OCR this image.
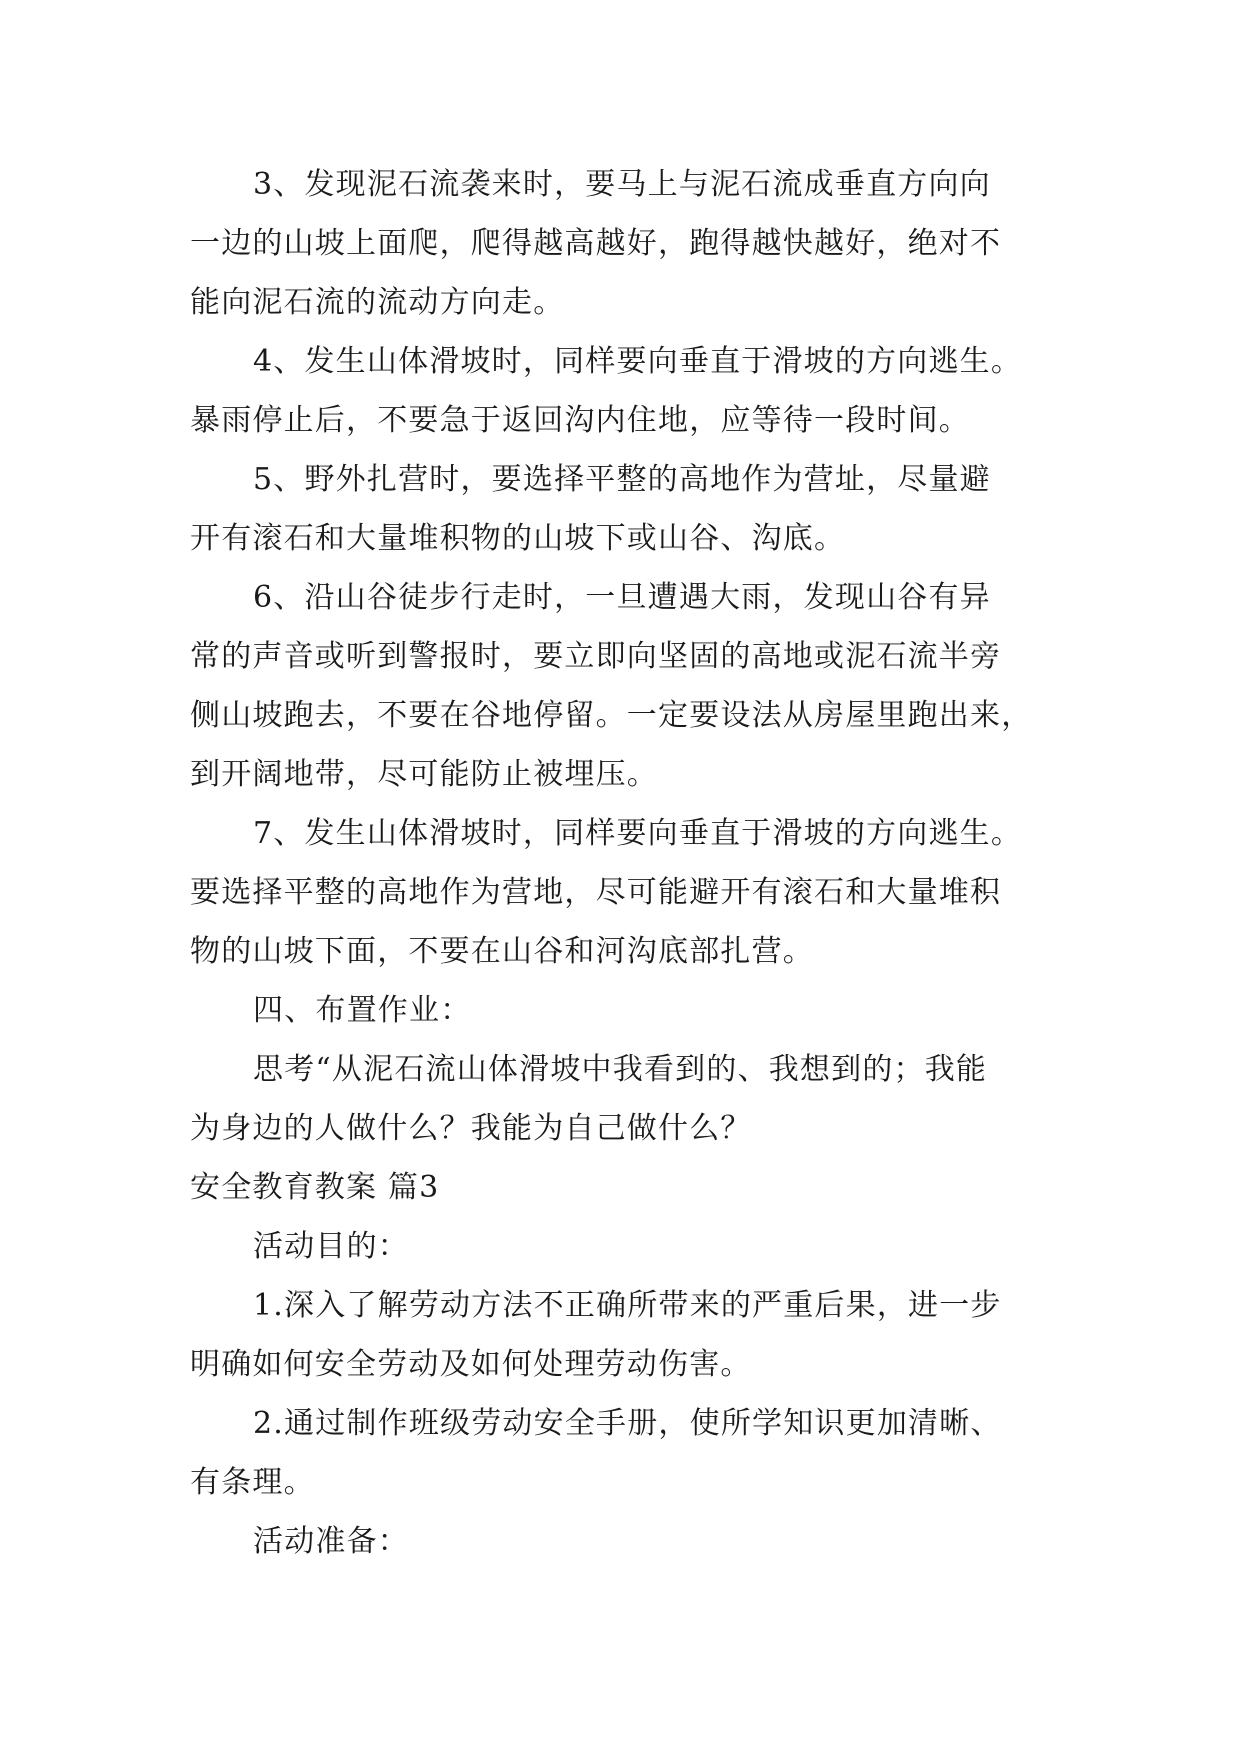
3、发现泥石流袭来时，要马上与泥石流成垂直方向向
一边的山坡上面爬，爬得越高越好，跑得越快越好，绝对不
能向泥石流的流动方向走。
4、发生山体滑坡时，同样要向垂直于滑坡的方向逃生。
暴雨停止后，不要急于返回沟内住地，应等待一段时间。
5、野外扎营时，要选择平整的高地作为营址，尽量避
开有滚石和大量堆积物的山坡下或山谷、沟底。
6、沿山谷徒步行走时，一旦遭遇大雨，发现山谷有异
常的声音或听到警报时，要立即向坚固的高地或泥石流半旁
侧山坡跑去，不要在谷地停留。一定要设法从房屋里跑出来，
到开阔地带，尽可能防止被埋压。
7、发生山体滑坡时，同样要向垂直于滑坡的方向逃生。
要选择平整的高地作为营地，尽可能避开有滚石和大量堆积
物的山坡下面，不要在山谷和河沟底部扎营。
四、布置作业：
思考“从泥石流山体滑坡中我看到的、我想到的；我能
为身边的人做什么？我能为自己做什么？
安全教育教案 篇3
活动目的：
1.深入了解劳动方法不正确所带来的严重后果，进一步
明确如何安全劳动及如何处理劳动伤害。
2.通过制作班级劳动安全手册，使所学知识更加清晰、
有条理。
活动准备：
